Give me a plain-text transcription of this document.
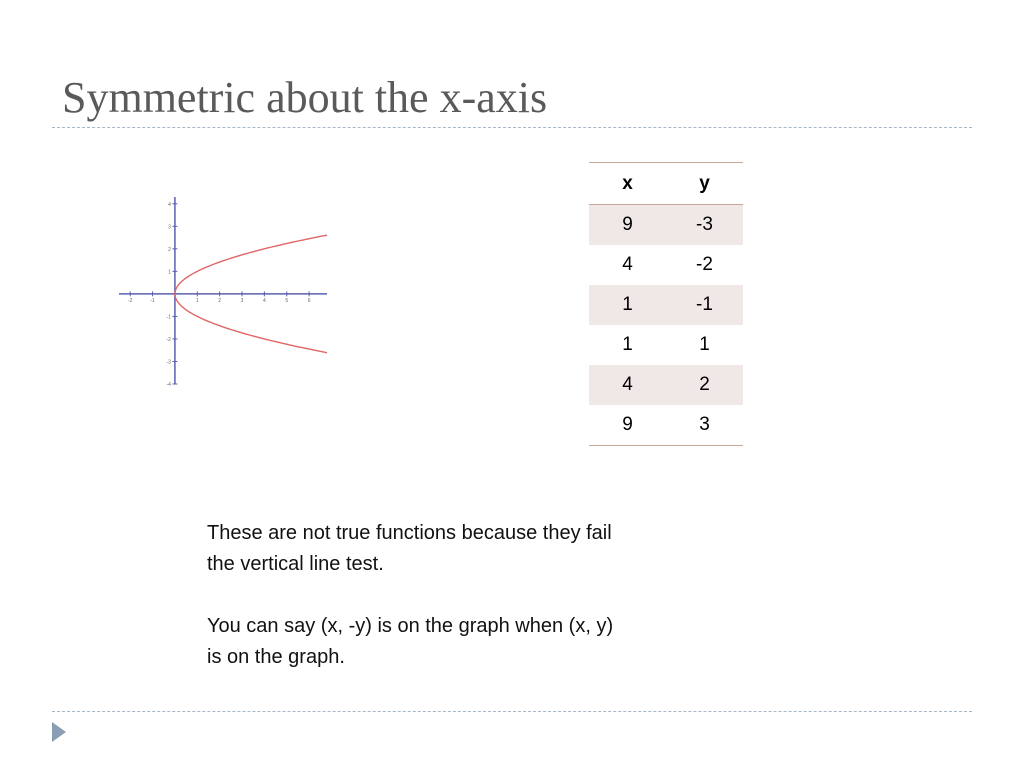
Symmetric about the x-axis
-2	-1	1	2	3	4	5	6
4
3
2
1
-1
-2
-3
-4
x	y
9	-3
4	-2
1	-1
1	1
4	2
9	3

These are not true functions because they fail
the vertical line test.

You can say (x, -y) is on the graph when (x, y)
is on the graph.
